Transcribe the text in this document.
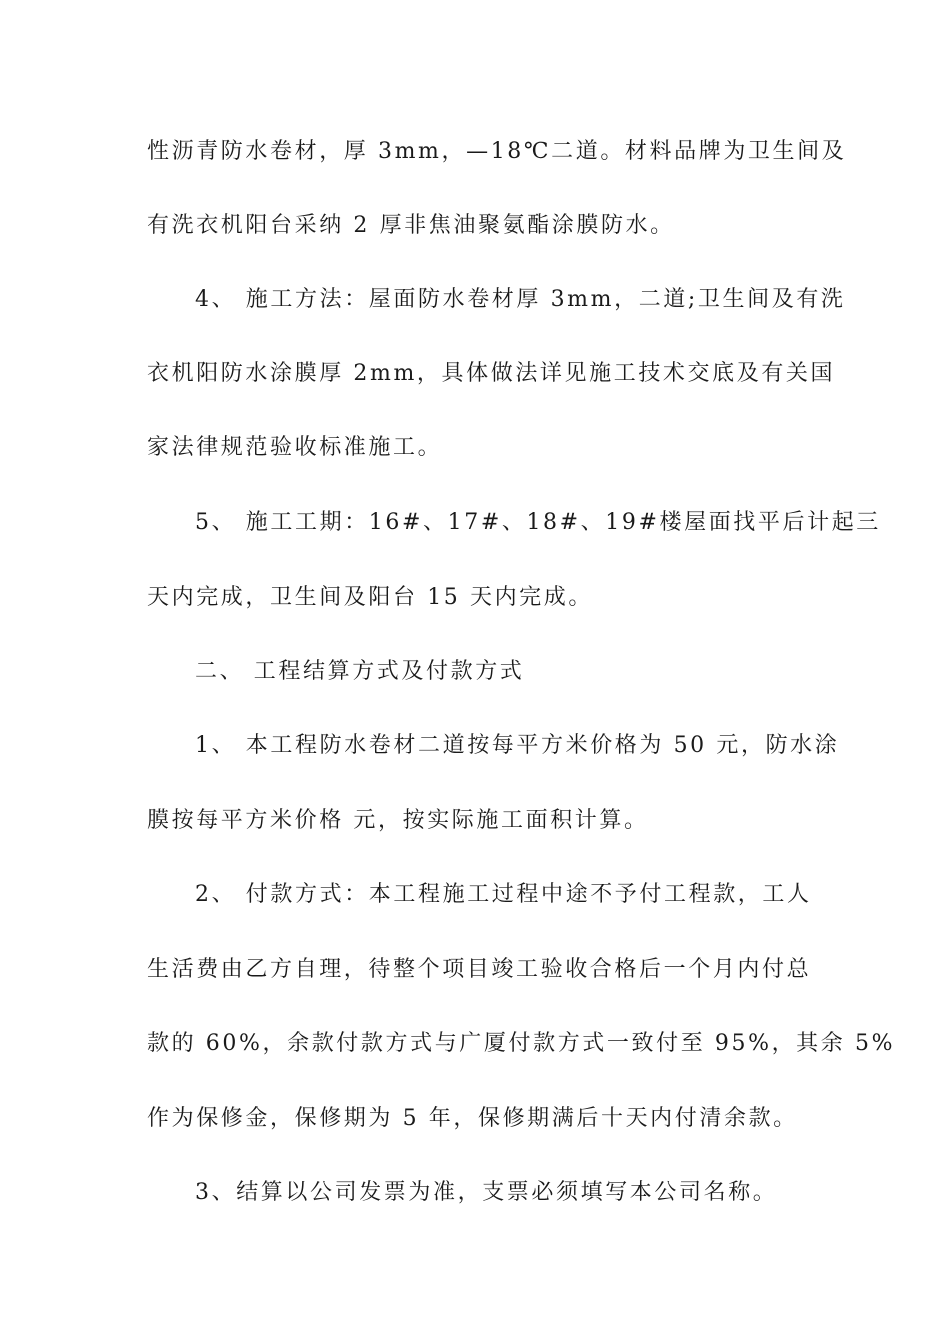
性沥青防水卷材，厚 3mm，—18℃二道。材料品牌为卫生间及
有洗衣机阳台采纳 2 厚非焦油聚氨酯涂膜防水。
4、 施工方法：屋面防水卷材厚 3mm，二道;卫生间及有洗
衣机阳防水涂膜厚 2mm，具体做法详见施工技术交底及有关国
家法律规范验收标准施工。
5、 施工工期：16#、17#、18#、19#楼屋面找平后计起三
天内完成，卫生间及阳台 15 天内完成。
二、 工程结算方式及付款方式
1、 本工程防水卷材二道按每平方米价格为 50 元，防水涂
膜按每平方米价格 元，按实际施工面积计算。
2、 付款方式：本工程施工过程中途不予付工程款，工人
生活费由乙方自理，待整个项目竣工验收合格后一个月内付总
款的 60%，余款付款方式与广厦付款方式一致付至 95%，其余 5%
作为保修金，保修期为 5 年，保修期满后十天内付清余款。
3、结算以公司发票为准，支票必须填写本公司名称。
